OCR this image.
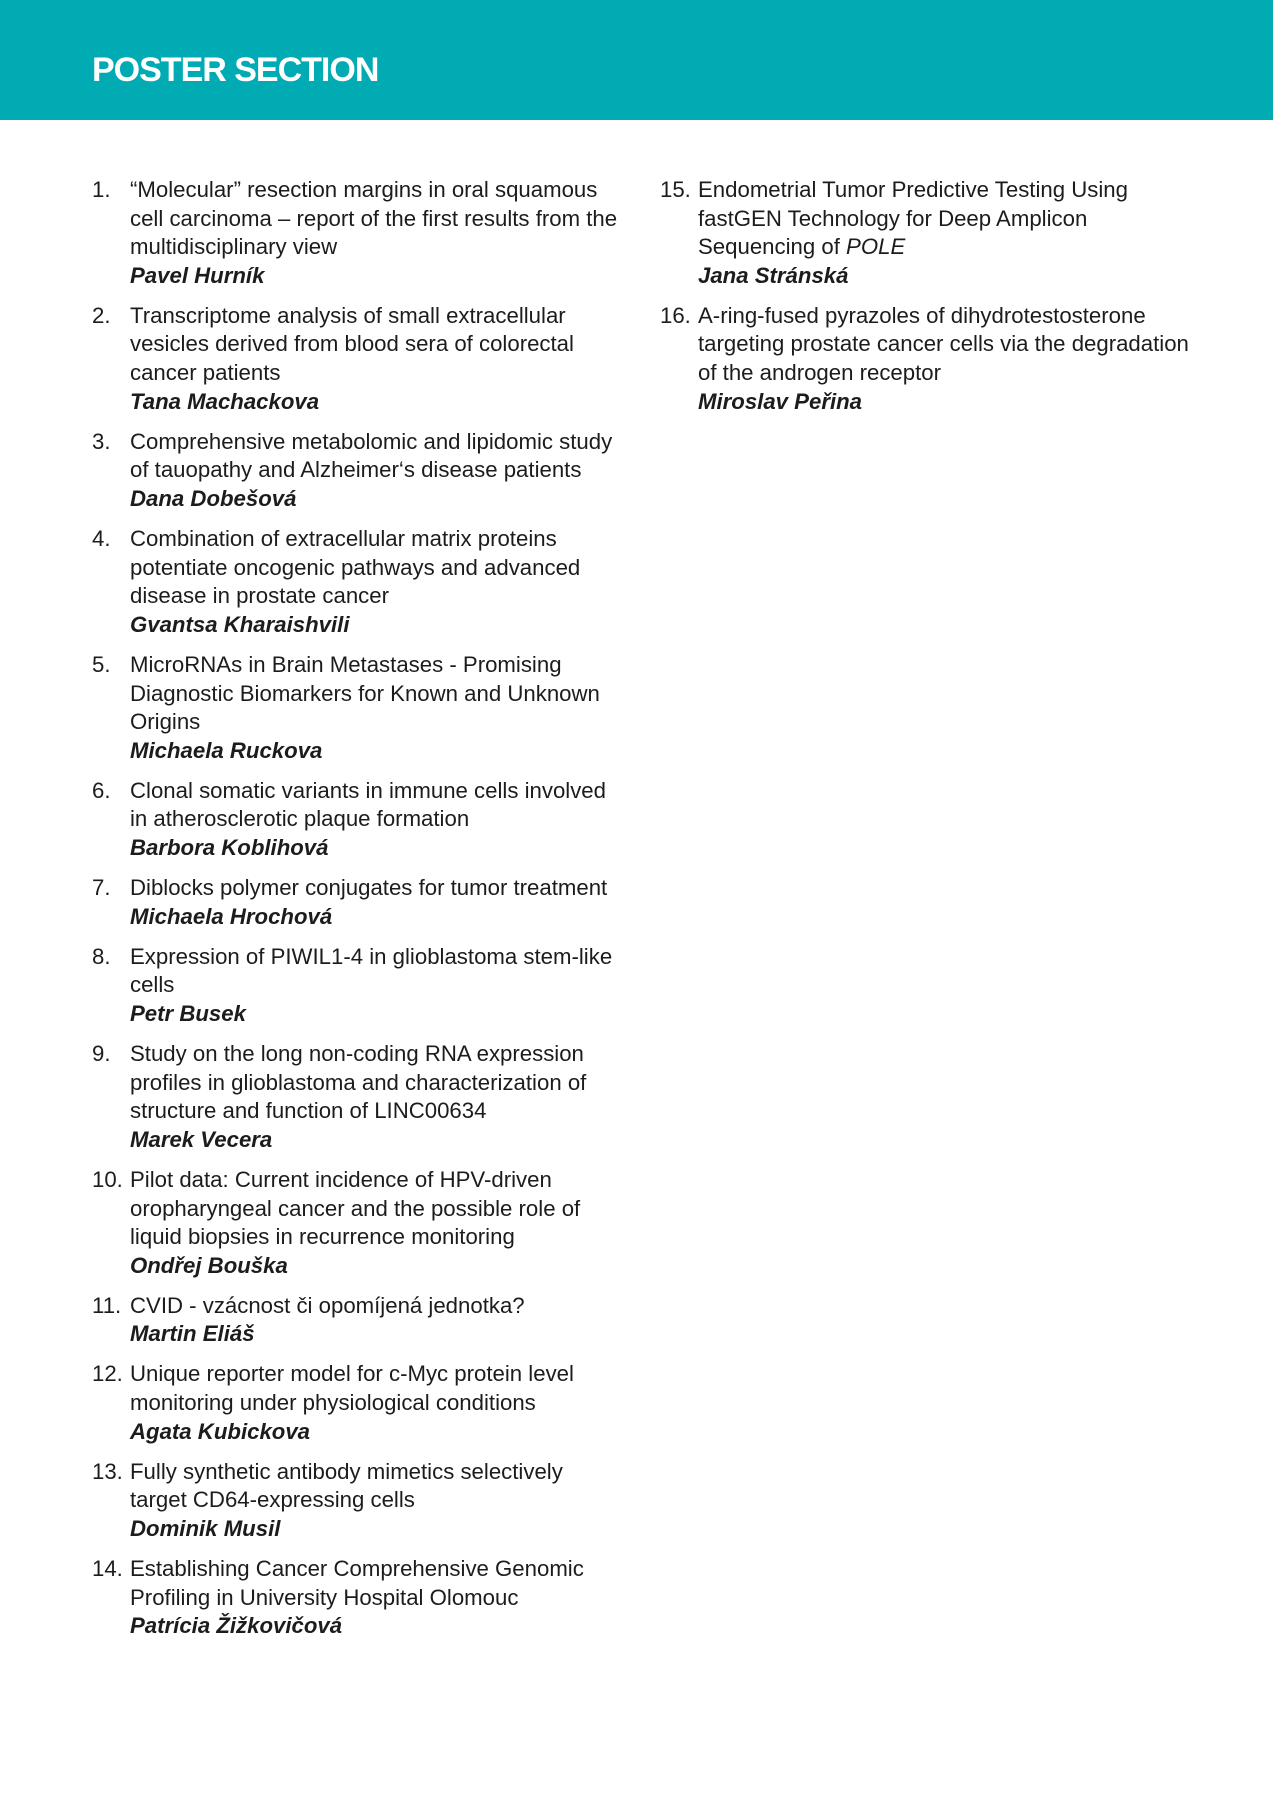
POSTER SECTION
1. “Molecular” resection margins in oral squamous cell carcinoma – report of the first results from the multidisciplinary view
Pavel Hurník
2. Transcriptome analysis of small extracellular vesicles derived from blood sera of colorectal cancer patients
Tana Machackova
3. Comprehensive metabolomic and lipidomic study of tauopathy and Alzheimer‘s disease patients
Dana Dobešová
4. Combination of extracellular matrix proteins potentiate oncogenic pathways and advanced disease in prostate cancer
Gvantsa Kharaishvili
5. MicroRNAs in Brain Metastases - Promising Diagnostic Biomarkers for Known and Unknown Origins
Michaela Ruckova
6. Clonal somatic variants in immune cells involved in atherosclerotic plaque formation
Barbora Koblihová
7. Diblocks polymer conjugates for tumor treatment
Michaela Hrochová
8. Expression of PIWIL1-4 in glioblastoma stem-like cells
Petr Busek
9. Study on the long non-coding RNA expression profiles in glioblastoma and characterization of structure and function of LINC00634
Marek Vecera
10. Pilot data: Current incidence of HPV-driven oropharyngeal cancer and the possible role of liquid biopsies in recurrence monitoring
Ondřej Bouška
11. CVID - vzácnost či opomíjená jednotka?
Martin Eliáš
12. Unique reporter model for c-Myc protein level monitoring under physiological conditions
Agata Kubickova
13. Fully synthetic antibody mimetics selectively target CD64-expressing cells
Dominik Musil
14. Establishing Cancer Comprehensive Genomic Profiling in University Hospital Olomouc
Patrícia Žižkovičová
15. Endometrial Tumor Predictive Testing Using fastGEN Technology for Deep Amplicon Sequencing of POLE
Jana Stránská
16. A-ring-fused pyrazoles of dihydrotestosterone targeting prostate cancer cells via the degradation of the androgen receptor
Miroslav Peřina
